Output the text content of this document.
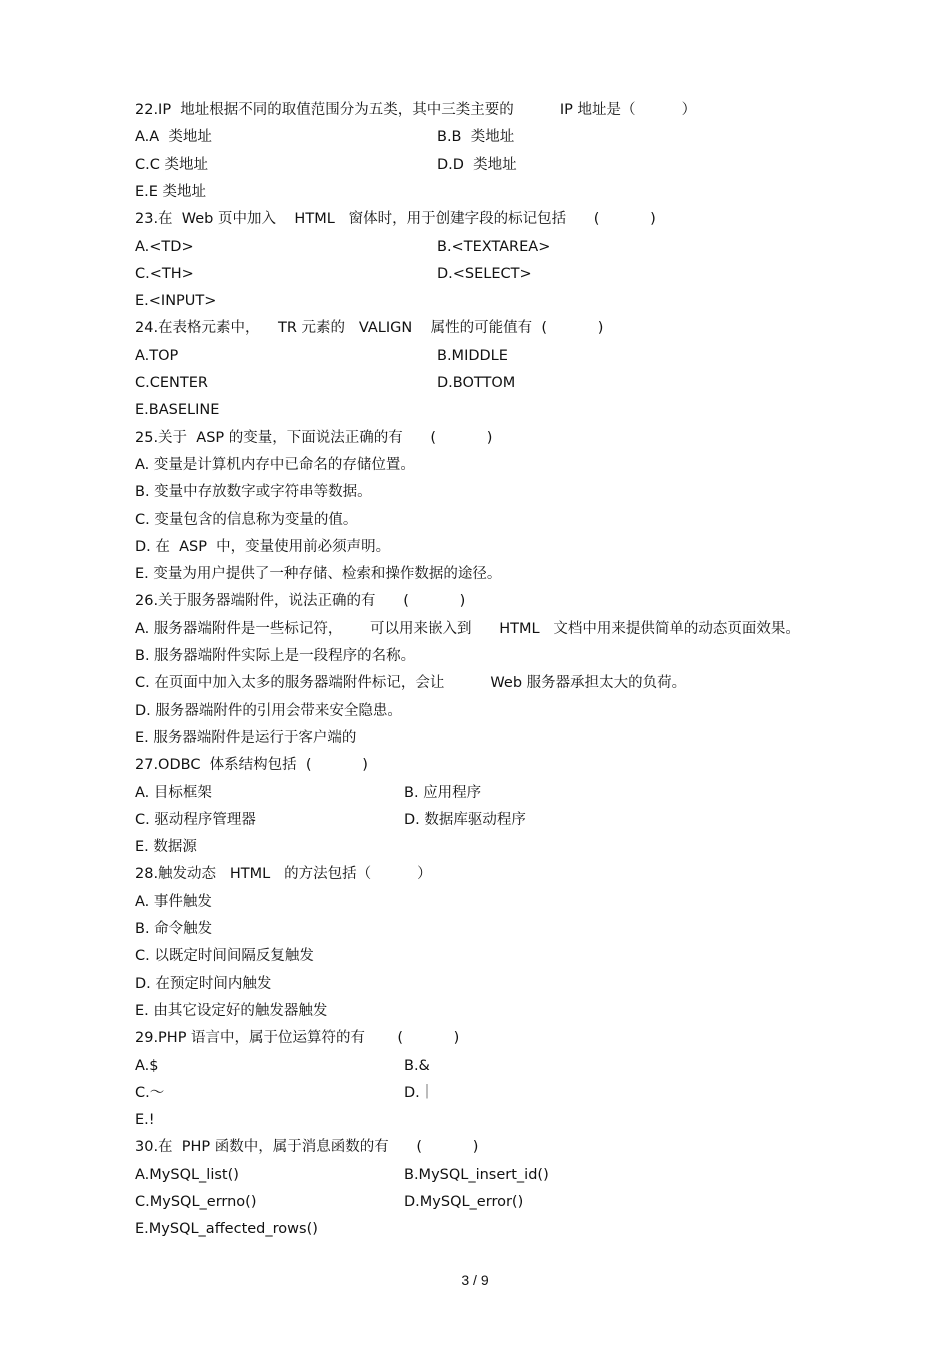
22.IP  地址根据不同的取值范围分为五类，其中三类主要的          IP 地址是（          ）
A.A  类地址	B.B  类地址
C.C 类地址	D.D  类地址
E.E 类地址
23.在  Web 页中加入    HTML   窗体时，用于创建字段的标记包括      (           )
A.<TD>	B.<TEXTAREA>
C.<TH>	D.<SELECT>
E.<INPUT>
24.在表格元素中，    TR 元素的   VALIGN    属性的可能值有  (           )
A.TOP	B.MIDDLE
C.CENTER	D.BOTTOM
E.BASELINE
25.关于  ASP 的变量，下面说法正确的有      (           )
A. 变量是计算机内存中已命名的存储位置。
B. 变量中存放数字或字符串等数据。
C. 变量包含的信息称为变量的值。
D. 在  ASP  中，变量使用前必须声明。
E. 变量为用户提供了一种存储、检索和操作数据的途径。
26.关于服务器端附件，说法正确的有      (           )
A. 服务器端附件是一些标记符，      可以用来嵌入到      HTML   文档中用来提供简单的动态页面效果。
B. 服务器端附件实际上是一段程序的名称。
C. 在页面中加入太多的服务器端附件标记，会让          Web 服务器承担太大的负荷。
D. 服务器端附件的引用会带来安全隐患。
E. 服务器端附件是运行于客户端的
27.ODBC  体系结构包括  (           )
A. 目标框架	B. 应用程序
C. 驱动程序管理器	D. 数据库驱动程序
E. 数据源
28.触发动态   HTML   的方法包括（          ）
A. 事件触发
B. 命令触发
C. 以既定时间间隔反复触发
D. 在预定时间内触发
E. 由其它设定好的触发器触发
29.PHP 语言中，属于位运算符的有       (           )
A.$	B.&
C.～	D.｜
E.!
30.在  PHP 函数中，属于消息函数的有      (           )
A.MySQL_list()	B.MySQL_insert_id()
C.MySQL_errno()	D.MySQL_error()
E.MySQL_affected_rows()
3 / 9
